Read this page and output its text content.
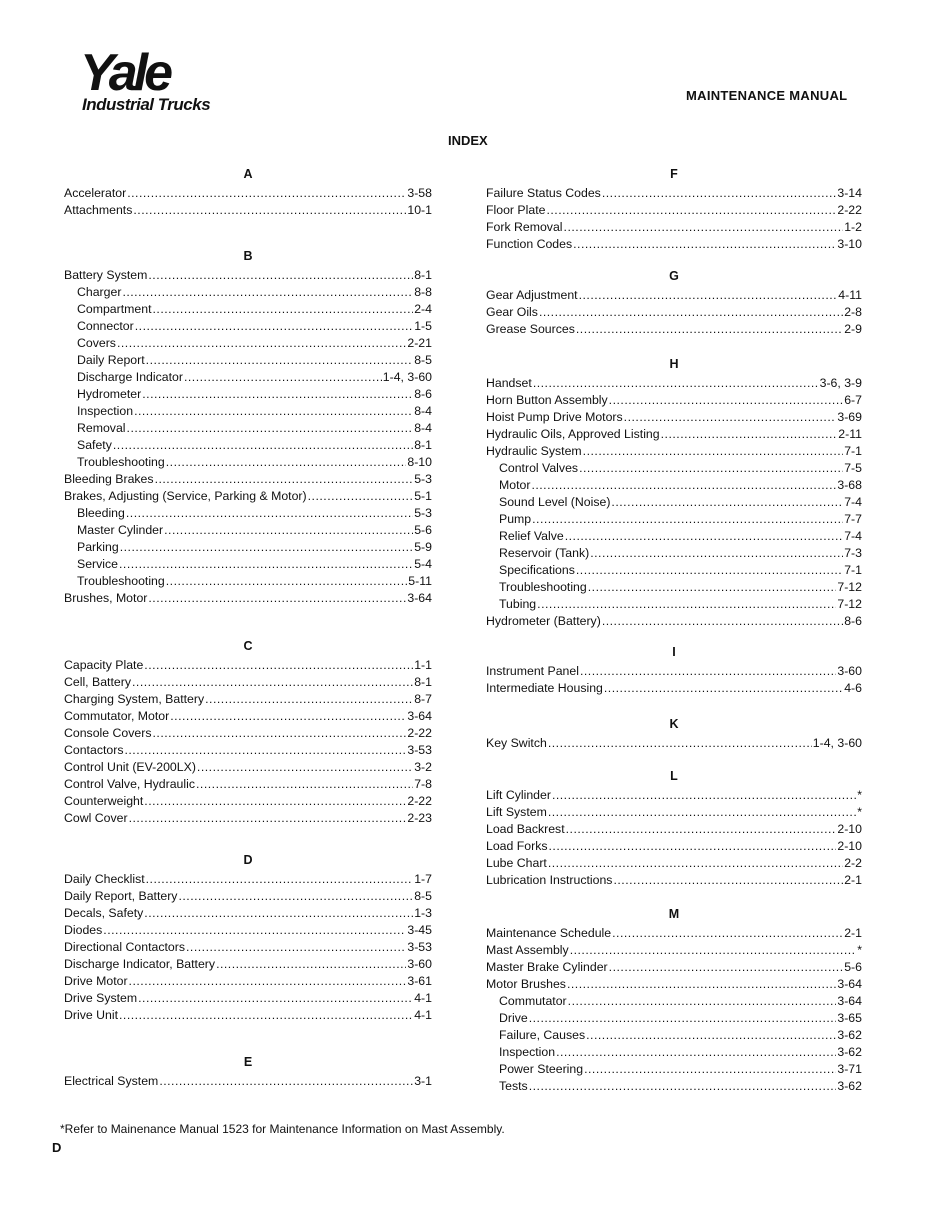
Yale
Industrial Trucks	MAINTENANCE MANUAL
INDEX
A
Accelerator .....	3-58
Attachments .....	10-1
B
Battery System .....	8-1
Charger .....	8-8
Compartment .....	2-4
Connector .....	1-5
Covers .....	2-21
Daily Report .....	8-5
Discharge Indicator .....	1-4, 3-60
Hydrometer .....	8-6
Inspection .....	8-4
Removal .....	8-4
Safety .....	8-1
Troubleshooting .....	8-10
Bleeding Brakes .....	5-3
Brakes, Adjusting (Service, Parking & Motor) .....	5-1
Bleeding .....	5-3
Master Cylinder .....	5-6
Parking .....	5-9
Service .....	5-4
Troubleshooting .....	5-11
Brushes, Motor .....	3-64
C
Capacity Plate .....	1-1
Cell, Battery .....	8-1
Charging System, Battery .....	8-7
Commutator, Motor .....	3-64
Console Covers .....	2-22
Contactors .....	3-53
Control Unit (EV-200LX) .....	3-2
Control Valve, Hydraulic .....	7-8
Counterweight .....	2-22
Cowl Cover .....	2-23
D
Daily Checklist .....	1-7
Daily Report, Battery .....	8-5
Decals, Safety .....	1-3
Diodes .....	3-45
Directional Contactors .....	3-53
Discharge Indicator, Battery .....	3-60
Drive Motor .....	3-61
Drive System .....	4-1
Drive Unit .....	4-1
E
Electrical System .....	3-1
F
Failure Status Codes .....	3-14
Floor Plate .....	2-22
Fork Removal .....	1-2
Function Codes .....	3-10
G
Gear Adjustment .....	4-11
Gear Oils .....	2-8
Grease Sources .....	2-9
H
Handset .....	3-6, 3-9
Horn Button Assembly .....	6-7
Hoist Pump Drive Motors .....	3-69
Hydraulic Oils, Approved Listing .....	2-11
Hydraulic System .....	7-1
Control Valves .....	7-5
Motor .....	3-68
Sound Level (Noise) .....	7-4
Pump .....	7-7
Relief Valve .....	7-4
Reservoir (Tank) .....	7-3
Specifications .....	7-1
Troubleshooting .....	7-12
Tubing .....	7-12
Hydrometer (Battery) .....	8-6
I
Instrument Panel .....	3-60
Intermediate Housing .....	4-6
K
Key Switch .....	1-4, 3-60
L
Lift Cylinder .....	*
Lift System .....	*
Load Backrest .....	2-10
Load Forks .....	2-10
Lube Chart .....	2-2
Lubrication Instructions .....	2-1
M
Maintenance Schedule .....	2-1
Mast Assembly .....	*
Master Brake Cylinder .....	5-6
Motor Brushes .....	3-64
Commutator .....	3-64
Drive .....	3-65
Failure, Causes .....	3-62
Inspection .....	3-62
Power Steering .....	3-71
Tests .....	3-62
*Refer to Mainenance Manual 1523 for Maintenance Information on Mast Assembly.
D
